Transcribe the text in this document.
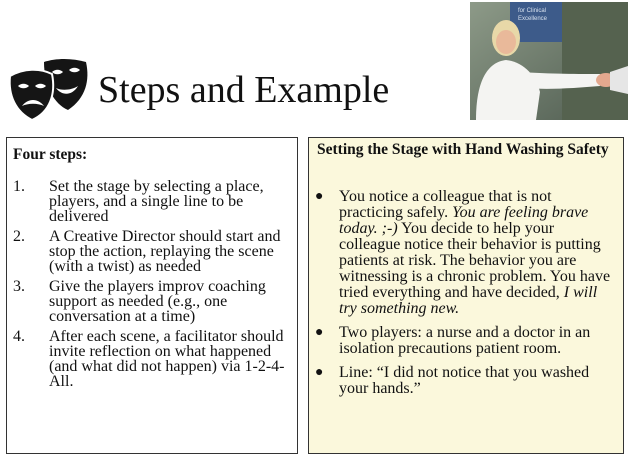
Steps and Example
for Clinical
Excellence
Four steps:
1.	Set the stage by selecting a place, players, and a single line to be delivered
2.	A Creative Director should start and stop the action, replaying the scene (with a twist) as needed
3.	Give the players improv coaching support as needed (e.g., one conversation at a time)
4.	After each scene, a facilitator should invite reflection on what happened (and what did not happen) via 1-2-4-All.
Setting the Stage with Hand Washing Safety
● You notice a colleague that is not practicing safely. You are feeling brave today. ;-) You decide to help your colleague notice their behavior is putting patients at risk. The behavior you are witnessing is a chronic problem. You have tried everything and have decided, I will try something new.
● Two players: a nurse and a doctor in an isolation precautions patient room.
● Line: “I did not notice that you washed your hands.”
